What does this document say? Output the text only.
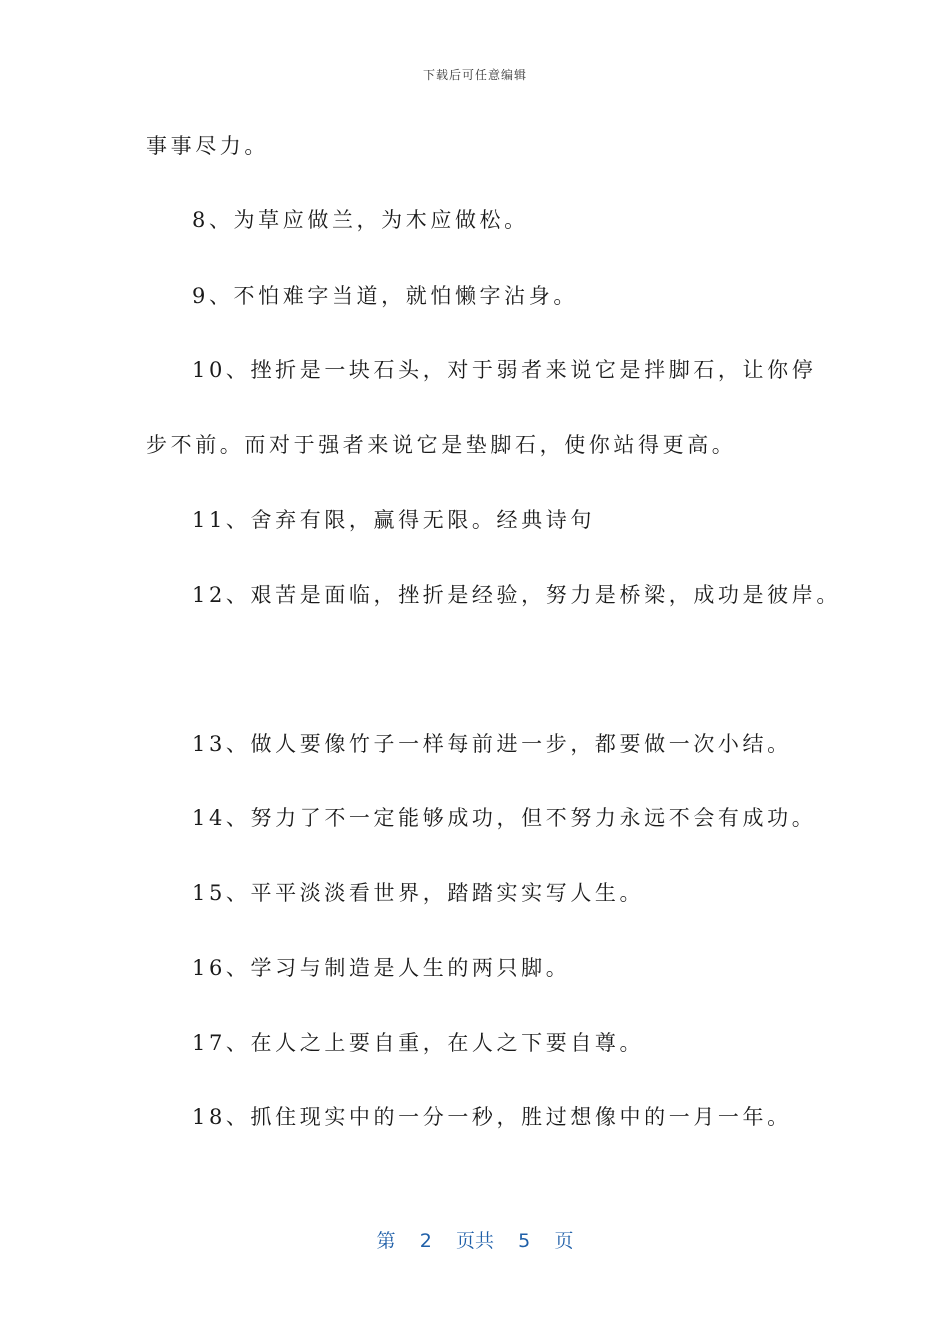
下载后可任意编辑
事事尽力。
8、为草应做兰，为木应做松。
9、不怕难字当道，就怕懒字沾身。
10、挫折是一块石头，对于弱者来说它是拌脚石，让你停
步不前。而对于强者来说它是垫脚石，使你站得更高。
11、舍弃有限，赢得无限。经典诗句
12、艰苦是面临，挫折是经验，努力是桥梁，成功是彼岸。
13、做人要像竹子一样每前进一步，都要做一次小结。
14、努力了不一定能够成功，但不努力永远不会有成功。
15、平平淡淡看世界，踏踏实实写人生。
16、学习与制造是人生的两只脚。
17、在人之上要自重，在人之下要自尊。
18、抓住现实中的一分一秒，胜过想像中的一月一年。
第 2 页共 5 页
